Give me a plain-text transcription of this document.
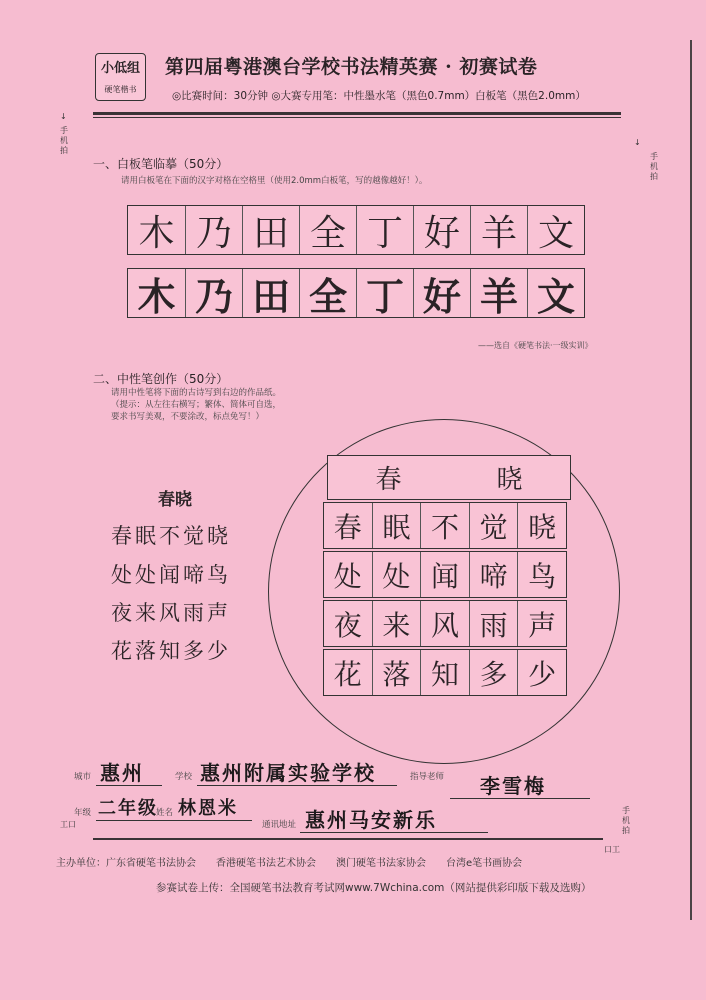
小低组
硬笔楷书
第四届粤港澳台学校书法精英赛 · 初赛试卷
◎比赛时间：30分钟 ◎大赛专用笔：中性墨水笔（黑色0.7mm）白板笔（黑色2.0mm）
↓
手机拍
↓
手机拍
手机拍
工口
口工
一、白板笔临摹（50分）
请用白板笔在下面的汉字对格在空格里（使用2.0mm白板笔，写的越像越好！）。
木 乃 田 全 丁 好 羊 文
木 乃 田 全 丁 好 羊 文
——选自《硬笔书法·一级实训》
二、中性笔创作（50分）
请用中性笔将下面的古诗写到右边的作品纸。
（提示：从左往右横写；繁体、简体可自选，
要求书写美观，不要涂改，标点免写！）
春晓
春眠不觉晓
处处闻啼鸟
夜来风雨声
花落知多少
春	晓
春 眠 不 觉 晓
处 处 闻 啼 鸟
夜 来 风 雨 声
花 落 知 多 少
城市 惠州	学校 惠州附属实验学校	指导老师 李雪梅
年级 二年级
姓名 林恩米
通讯地址 惠州马安新乐
主办单位：广东省硬笔书法协会　　香港硬笔书法艺术协会　　澳门硬笔书法家协会　　台湾e笔书画协会
参赛试卷上传：全国硬笔书法教育考试网www.7Wchina.com（网站提供彩印版下载及选购）
